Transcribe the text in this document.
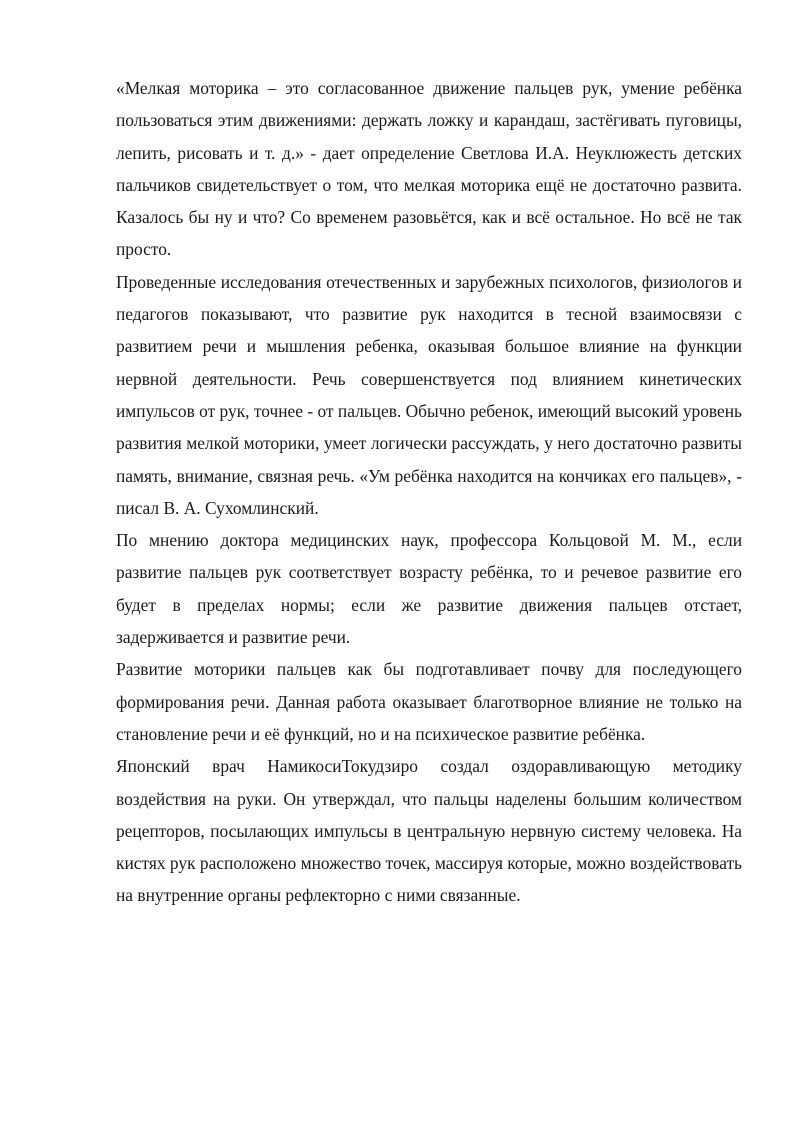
«Мелкая моторика – это согласованное движение пальцев рук, умение ребёнка пользоваться этим движениями: держать ложку и карандаш, застёгивать пуговицы, лепить, рисовать и т. д.» - дает определение Светлова И.А. Неуклюжесть детских пальчиков свидетельствует о том, что мелкая моторика ещё не достаточно развита. Казалось бы ну и что? Со временем разовьётся, как и всё остальное. Но всё не так просто.

Проведенные исследования отечественных и зарубежных психологов, физиологов и педагогов показывают, что развитие рук находится в тесной взаимосвязи с развитием речи и мышления ребенка, оказывая большое влияние на функции нервной деятельности. Речь совершенствуется под влиянием кинетических импульсов от рук, точнее - от пальцев. Обычно ребенок, имеющий высокий уровень развития мелкой моторики, умеет логически рассуждать, у него достаточно развиты память, внимание, связная речь. «Ум ребёнка находится на кончиках его пальцев», - писал В. А. Сухомлинский.

По мнению доктора медицинских наук, профессора Кольцовой М. М., если развитие пальцев рук соответствует возрасту ребёнка, то и речевое развитие его будет в пределах нормы; если же развитие движения пальцев отстает, задерживается и развитие речи.

Развитие моторики пальцев как бы подготавливает почву для последующего формирования речи. Данная работа оказывает благотворное влияние не только на становление речи и её функций, но и на психическое развитие ребёнка.

Японский врач НамикосиТокудзиро создал оздоравливающую методику воздействия на руки. Он утверждал, что пальцы наделены большим количеством рецепторов, посылающих импульсы в центральную нервную систему человека. На кистях рук расположено множество точек, массируя которые, можно воздействовать на внутренние органы рефлекторно с ними связанные.
